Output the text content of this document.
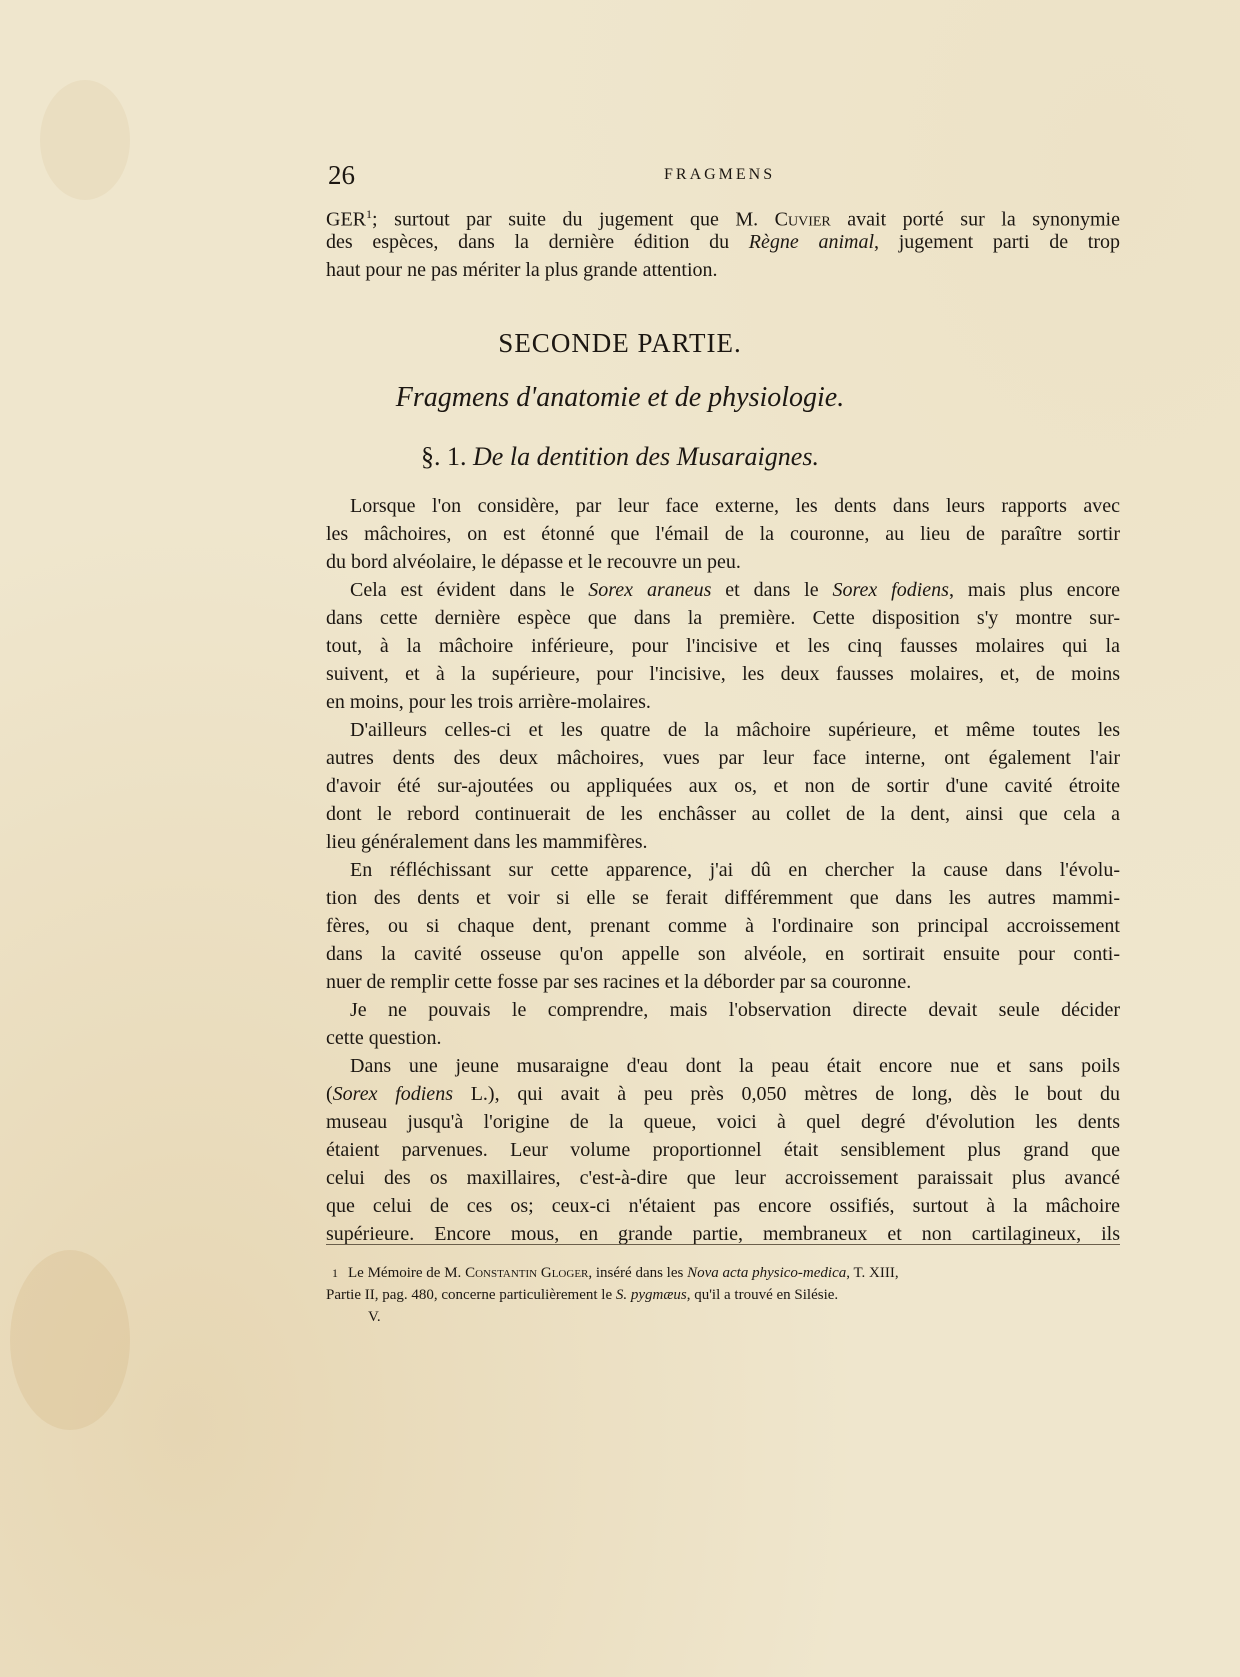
26	FRAGMENS
GER$^1$; surtout par suite du jugement que M. Cuvier avait porté sur la synonymie
des espèces, dans la dernière édition du Règne animal, jugement parti de trop
haut pour ne pas mériter la plus grande attention.
SECONDE PARTIE.
Fragmens d'anatomie et de physiologie.
§. 1. De la dentition des Musaraignes.
Lorsque l'on considère, par leur face externe, les dents dans leurs rapports avec
les mâchoires, on est étonné que l'émail de la couronne, au lieu de paraître sortir
du bord alvéolaire, le dépasse et le recouvre un peu.
Cela est évident dans le Sorex araneus et dans le Sorex fodiens, mais plus encore
dans cette dernière espèce que dans la première. Cette disposition s'y montre sur-
tout, à la mâchoire inférieure, pour l'incisive et les cinq fausses molaires qui la
suivent, et à la supérieure, pour l'incisive, les deux fausses molaires, et, de moins
en moins, pour les trois arrière-molaires.
D'ailleurs celles-ci et les quatre de la mâchoire supérieure, et même toutes les
autres dents des deux mâchoires, vues par leur face interne, ont également l'air
d'avoir été sur-ajoutées ou appliquées aux os, et non de sortir d'une cavité étroite
dont le rebord continuerait de les enchâsser au collet de la dent, ainsi que cela a
lieu généralement dans les mammifères.
En réfléchissant sur cette apparence, j'ai dû en chercher la cause dans l'évolu-
tion des dents et voir si elle se ferait différemment que dans les autres mammi-
fères, ou si chaque dent, prenant comme à l'ordinaire son principal accroissement
dans la cavité osseuse qu'on appelle son alvéole, en sortirait ensuite pour conti-
nuer de remplir cette fosse par ses racines et la déborder par sa couronne.
Je ne pouvais le comprendre, mais l'observation directe devait seule décider
cette question.
Dans une jeune musaraigne d'eau dont la peau était encore nue et sans poils
(Sorex fodiens L.), qui avait à peu près 0,050 mètres de long, dès le bout du
museau jusqu'à l'origine de la queue, voici à quel degré d'évolution les dents
étaient parvenues. Leur volume proportionnel était sensiblement plus grand que
celui des os maxillaires, c'est-à-dire que leur accroissement paraissait plus avancé
que celui de ces os; ceux-ci n'étaient pas encore ossifiés, surtout à la mâchoire
supérieure. Encore mous, en grande partie, membraneux et non cartilagineux, ils
1 Le Mémoire de M. Constantin Gloger, inséré dans les Nova acta physico-medica, T. XIII,
Partie II, pag. 480, concerne particulièrement le S. pygmæus, qu'il a trouvé en Silésie.
V.
